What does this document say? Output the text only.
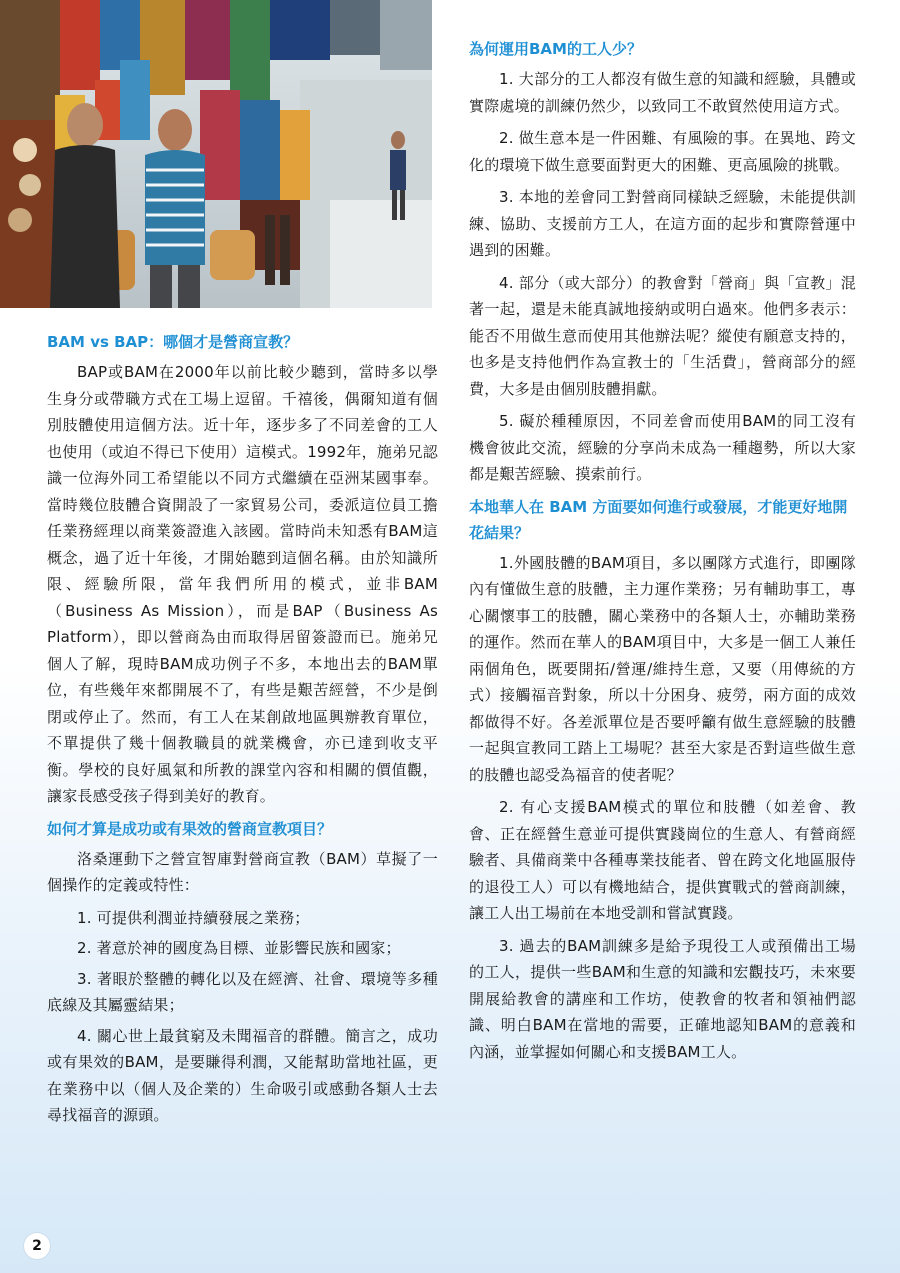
BAM vs BAP：哪個才是營商宣教？

BAP或BAM在2000年以前比較少聽到，當時多以學生身分或帶職方式在工場上逗留。千禧後，偶爾知道有個別肢體使用這個方法。近十年，逐步多了不同差會的工人也使用（或迫不得已下使用）這模式。1992年，施弟兄認識一位海外同工希望能以不同方式繼續在亞洲某國事奉。當時幾位肢體合資開設了一家貿易公司，委派這位員工擔任業務經理以商業簽證進入該國。當時尚未知悉有BAM這概念，過了近十年後，才開始聽到這個名稱。由於知識所限、經驗所限，當年我們所用的模式，並非BAM（Business As Mission），而是BAP（Business As Platform），即以營商為由而取得居留簽證而已。施弟兄個人了解，現時BAM成功例子不多，本地出去的BAM單位，有些幾年來都開展不了，有些是艱苦經營，不少是倒閉或停止了。然而，有工人在某創啟地區興辦教育單位，不單提供了幾十個教職員的就業機會，亦已達到收支平衡。學校的良好風氣和所教的課堂內容和相關的價值觀，讓家長感受孩子得到美好的教育。

如何才算是成功或有果效的營商宣教項目？

洛桑運動下之營宣智庫對營商宣教（BAM）草擬了一個操作的定義或特性：

1. 可提供利潤並持續發展之業務；

2. 著意於神的國度為目標、並影響民族和國家；

3. 著眼於整體的轉化以及在經濟、社會、環境等多種底線及其屬靈結果；

4. 關心世上最貧窮及未聞福音的群體。簡言之，成功或有果效的BAM，是要賺得利潤，又能幫助當地社區，更在業務中以（個人及企業的）生命吸引或感動各類人士去尋找福音的源頭。

為何運用BAM的工人少？

1. 大部分的工人都沒有做生意的知識和經驗，具體或實際處境的訓練仍然少，以致同工不敢貿然使用這方式。

2. 做生意本是一件困難、有風險的事。在異地、跨文化的環境下做生意要面對更大的困難、更高風險的挑戰。

3. 本地的差會同工對營商同樣缺乏經驗，未能提供訓練、協助、支援前方工人，在這方面的起步和實際營運中遇到的困難。

4. 部分（或大部分）的教會對「營商」與「宣教」混著一起，還是未能真誠地接納或明白過來。他們多表示：能否不用做生意而使用其他辦法呢？縱使有願意支持的，也多是支持他們作為宣教士的「生活費」，營商部分的經費，大多是由個別肢體捐獻。

5. 礙於種種原因，不同差會而使用BAM的同工沒有機會彼此交流，經驗的分享尚未成為一種趨勢，所以大家都是艱苦經驗、摸索前行。

本地華人在 BAM 方面要如何進行或發展，才能更好地開花結果？

1.外國肢體的BAM項目，多以團隊方式進行，即團隊內有懂做生意的肢體，主力運作業務；另有輔助事工，專心關懷事工的肢體，關心業務中的各類人士，亦輔助業務的運作。然而在華人的BAM項目中，大多是一個工人兼任兩個角色，既要開拓/營運/維持生意，又要（用傳統的方式）接觸福音對象，所以十分困身、疲勞，兩方面的成效都做得不好。各差派單位是否要呼籲有做生意經驗的肢體一起與宣教同工踏上工場呢？甚至大家是否對這些做生意的肢體也認受為福音的使者呢？

2. 有心支援BAM模式的單位和肢體（如差會、教會、正在經營生意並可提供實踐崗位的生意人、有營商經驗者、具備商業中各種專業技能者、曾在跨文化地區服侍的退役工人）可以有機地結合，提供實戰式的營商訓練，讓工人出工場前在本地受訓和嘗試實踐。

3. 過去的BAM訓練多是給予現役工人或預備出工場的工人，提供一些BAM和生意的知識和宏觀技巧，未來要開展給教會的講座和工作坊，使教會的牧者和領袖們認識、明白BAM在當地的需要，正確地認知BAM的意義和內涵，並掌握如何關心和支援BAM工人。

2
